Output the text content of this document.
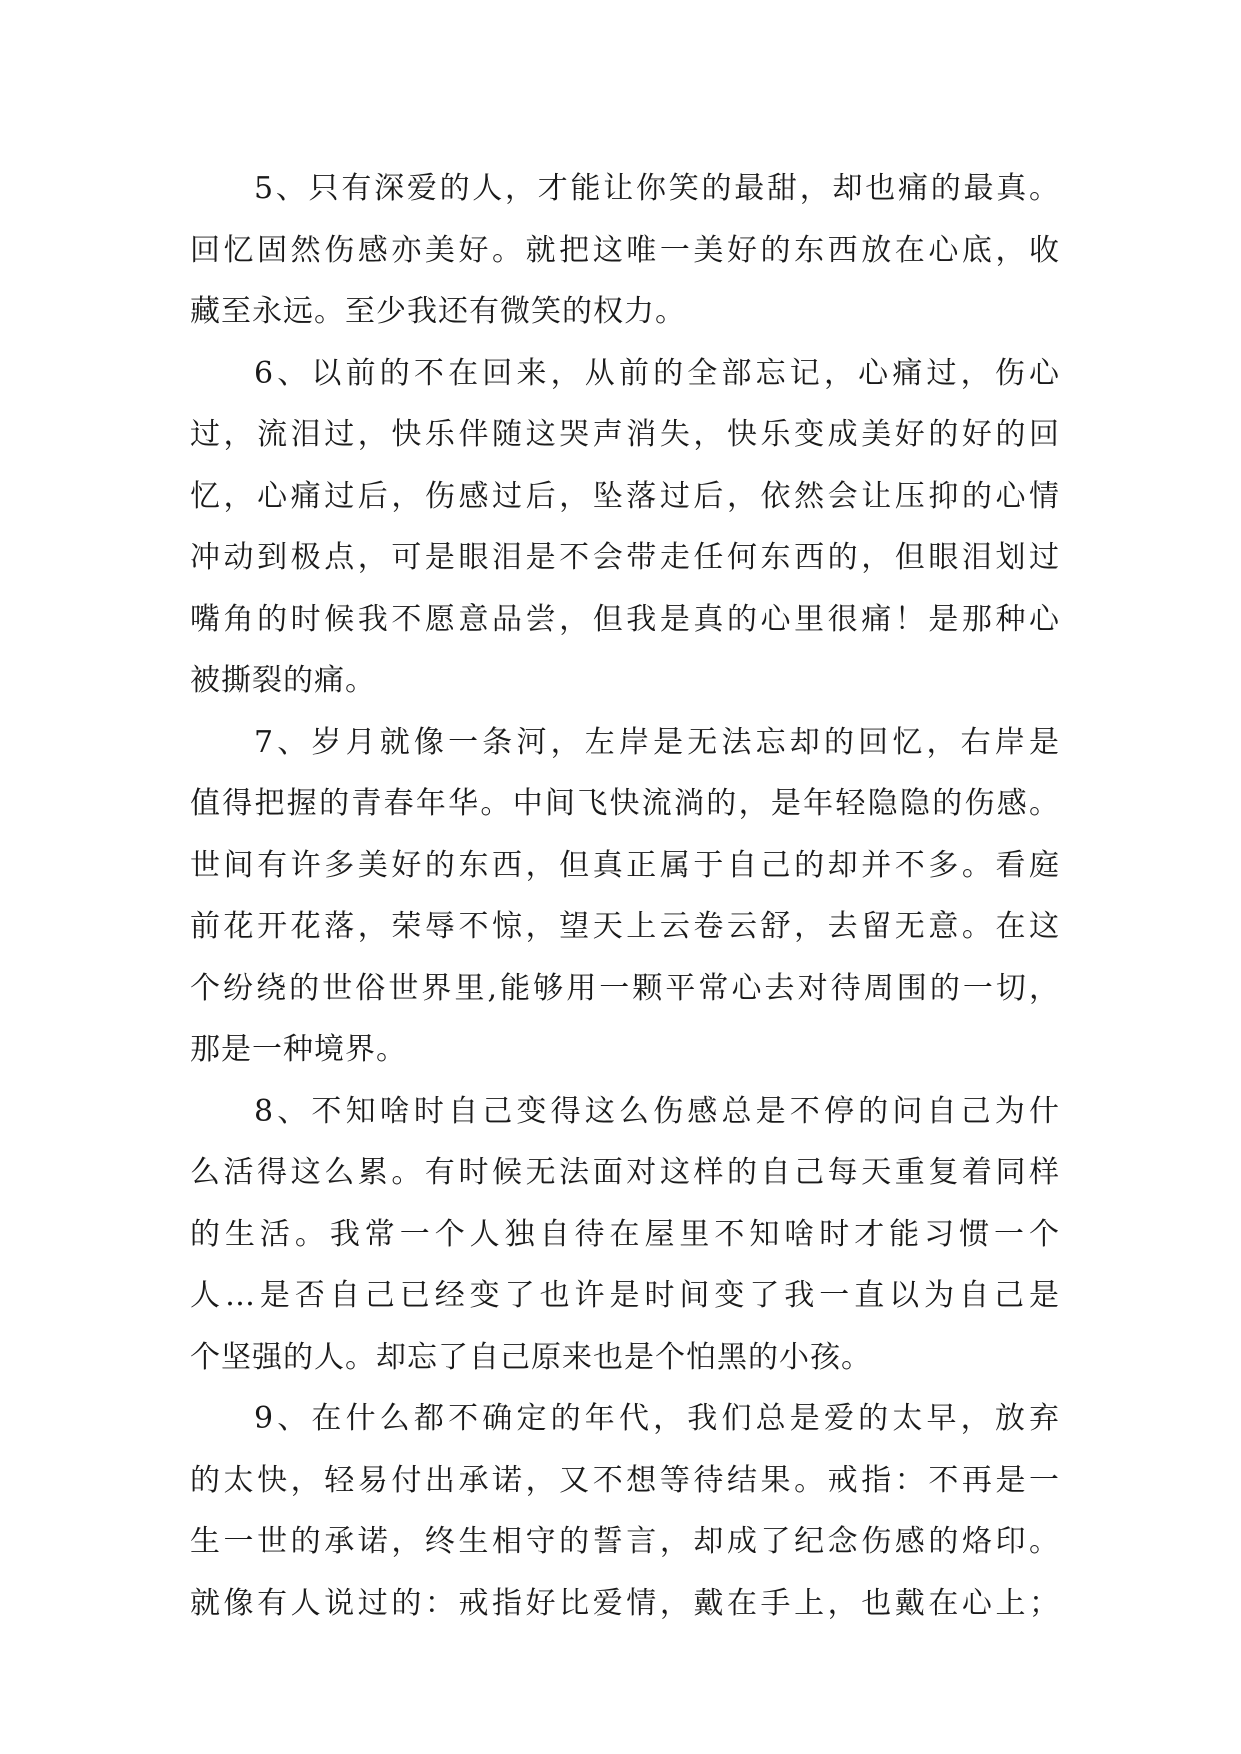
5、只有深爱的人，才能让你笑的最甜，却也痛的最真。
回忆固然伤感亦美好。就把这唯一美好的东西放在心底，收
藏至永远。至少我还有微笑的权力。
6、以前的不在回来，从前的全部忘记，心痛过，伤心
过，流泪过，快乐伴随这哭声消失，快乐变成美好的好的回
忆，心痛过后，伤感过后，坠落过后，依然会让压抑的心情
冲动到极点，可是眼泪是不会带走任何东西的，但眼泪划过
嘴角的时候我不愿意品尝，但我是真的心里很痛！是那种心
被撕裂的痛。
7、岁月就像一条河，左岸是无法忘却的回忆，右岸是
值得把握的青春年华。中间飞快流淌的，是年轻隐隐的伤感。
世间有许多美好的东西，但真正属于自己的却并不多。看庭
前花开花落，荣辱不惊，望天上云卷云舒，去留无意。在这
个纷绕的世俗世界里,能够用一颗平常心去对待周围的一切，
那是一种境界。
8、不知啥时自己变得这么伤感总是不停的问自己为什
么活得这么累。有时候无法面对这样的自己每天重复着同样
的生活。我常一个人独自待在屋里不知啥时才能习惯一个
人…是否自己已经变了也许是时间变了我一直以为自己是
个坚强的人。却忘了自己原来也是个怕黑的小孩。
9、在什么都不确定的年代，我们总是爱的太早，放弃
的太快，轻易付出承诺，又不想等待结果。戒指：不再是一
生一世的承诺，终生相守的誓言，却成了纪念伤感的烙印。
就像有人说过的：戒指好比爱情，戴在手上，也戴在心上；
